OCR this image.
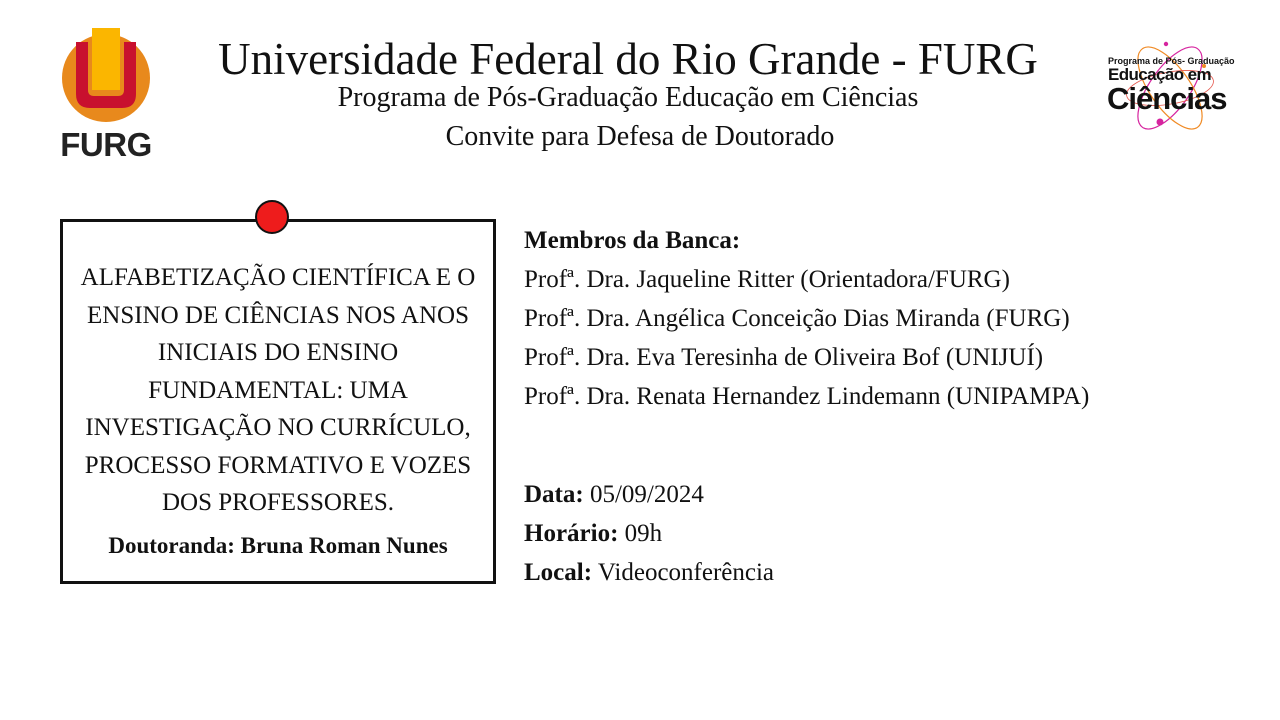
FURG
Universidade Federal do Rio Grande - FURG
Programa de Pós-Graduação Educação em Ciências
Convite para Defesa de Doutorado
Programa de Pós- Graduação
Educação em
Ciências

ALFABETIZAÇÃO CIENTÍFICA E O ENSINO DE CIÊNCIAS NOS ANOS INICIAIS DO ENSINO FUNDAMENTAL: UMA INVESTIGAÇÃO NO CURRÍCULO, PROCESSO FORMATIVO E VOZES DOS PROFESSORES.

Doutoranda: Bruna Roman Nunes
Membros da Banca:
Profª. Dra. Jaqueline Ritter (Orientadora/FURG)
Profª. Dra. Angélica Conceição Dias Miranda (FURG)
Profª. Dra. Eva Teresinha de Oliveira Bof (UNIJUÍ)
Profª. Dra. Renata Hernandez Lindemann (UNIPAMPA)
Data: 05/09/2024
Horário: 09h
Local: Videoconferência
